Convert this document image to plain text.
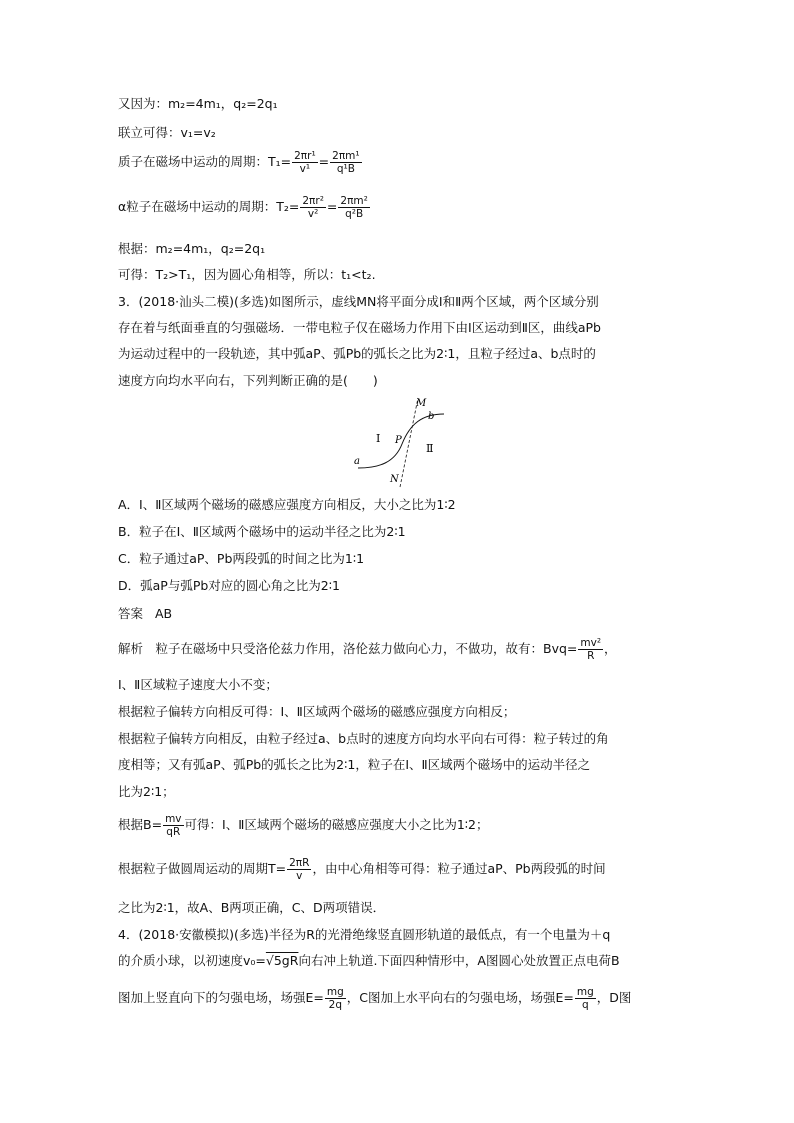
又因为：m₂=4m₁，q₂=2q₁
联立可得：v₁=v₂
质子在磁场中运动的周期：$T_1= \frac{\text{2πr¹}}{\text{v¹}} = \frac{\text{2πm¹}}{\text{q¹B}}$
α粒子在磁场中运动的周期：$T_2= \frac{\text{2πr²}}{\text{v²}} = \frac{\text{2πm²}}{\text{q²B}}$
根据：m₂=4m₁，q₂=2q₁
可得：T₂>T₁，因为圆心角相等，所以：t₁<t₂.
3．(2018·汕头二模)(多选)如图所示，虚线MN将平面分成Ⅰ和Ⅱ两个区域，两个区域分别
存在着与纸面垂直的匀强磁场．一带电粒子仅在磁场力作用下由Ⅰ区运动到Ⅱ区，曲线aPb
为运动过程中的一段轨迹，其中弧aP、弧Pb的弧长之比为2∶1，且粒子经过a、b点时的
速度方向均水平向右，下列判断正确的是(　　)
M
N
P
a
b
Ⅰ
Ⅱ
A．Ⅰ、Ⅱ区域两个磁场的磁感应强度方向相反，大小之比为1∶2
B．粒子在Ⅰ、Ⅱ区域两个磁场中的运动半径之比为2∶1
C．粒子通过aP、Pb两段弧的时间之比为1∶1
D．弧aP与弧Pb对应的圆心角之比为2∶1
答案 AB
解析　粒子在磁场中只受洛伦兹力作用，洛伦兹力做向心力，不做功，故有：$Bvq= \frac{\text{mv²}}{R}$ ，
Ⅰ、Ⅱ区域粒子速度大小不变；
根据粒子偏转方向相反可得：Ⅰ、Ⅱ区域两个磁场的磁感应强度方向相反；
根据粒子偏转方向相反，由粒子经过a、b点时的速度方向均水平向右可得：粒子转过的角
度相等；又有弧aP、弧Pb的弧长之比为2∶1，粒子在Ⅰ、Ⅱ区域两个磁场中的运动半径之
比为2∶1；
根据$B= \frac{mv}{qR}$ 可得：Ⅰ、Ⅱ区域两个磁场的磁感应强度大小之比为1∶2；
根据粒子做圆周运动的周期$T= \frac{2\pi R}{v}$ ，由中心角相等可得：粒子通过aP、Pb两段弧的时间
之比为2∶1，故A、B两项正确，C、D两项错误．
4．(2018·安徽模拟)(多选)半径为R的光滑绝缘竖直圆形轨道的最低点，有一个电量为＋q
的介质小球，以初速度v₀=√5gR向右冲上轨道.下面四种情形中，A图圆心处放置正点电荷B
图加上竖直向下的匀强电场，场强$E= \frac{mg}{2q}$ ，C图加上水平向右的匀强电场，场强$E= \frac{mg}{q}$ ，D图
